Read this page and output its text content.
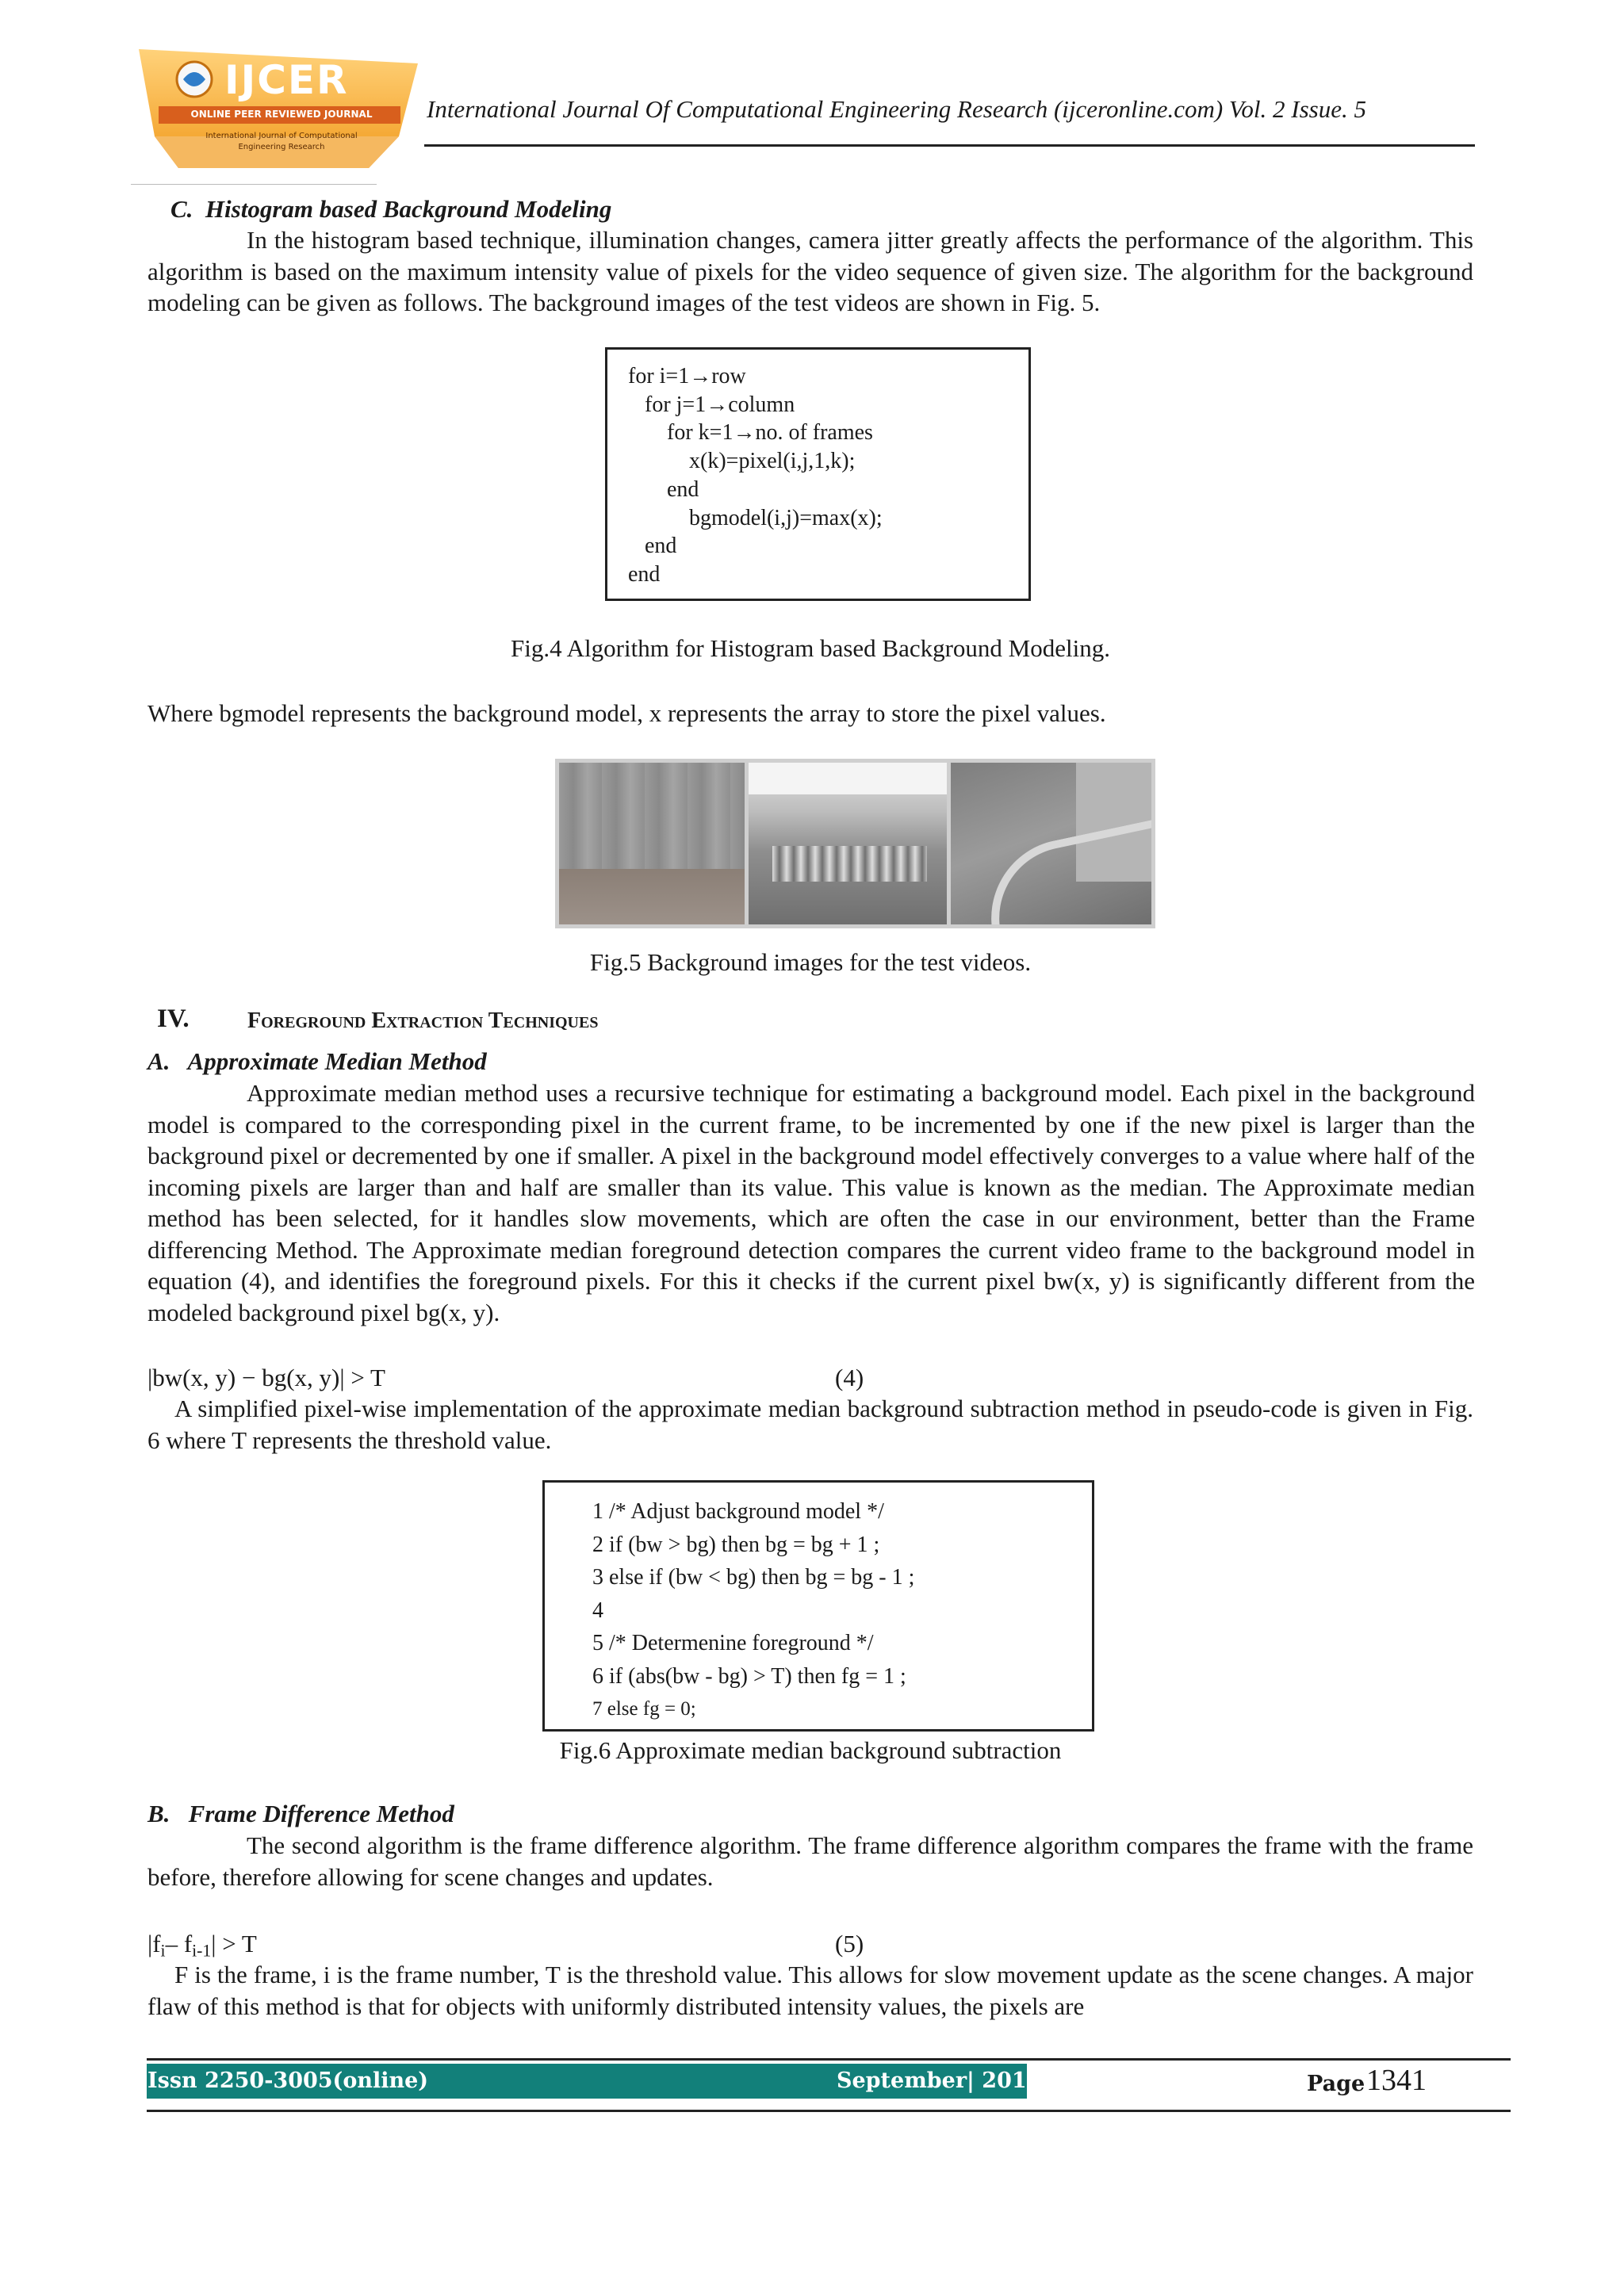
IJCER
ONLINE PEER REVIEWED JOURNAL
International Journal of Computational
Engineering Research
International Journal Of Computational Engineering Research (ijceronline.com) Vol. 2 Issue. 5
C.  Histogram based Background Modeling
In the histogram based technique, illumination changes, camera jitter greatly affects the performance of the algorithm. This algorithm is based on the maximum intensity value of pixels for the video sequence of given size. The algorithm for the background modeling can be given as follows. The background images of the test videos are shown in Fig. 5.
for i=1→row
for j=1→column
for k=1→no. of frames
x(k)=pixel(i,j,1,k);
end
bgmodel(i,j)=max(x);
end
end
Fig.4 Algorithm for Histogram based Background Modeling.
Where bgmodel represents the background model, x represents the array to store the pixel values.
Fig.5 Background images for the test videos.
IV.	Foreground Extraction Techniques
A.   Approximate Median Method
Approximate median method uses a recursive technique for estimating a background model. Each pixel in the background model is compared to the corresponding pixel in the current frame, to be incremented by one if the new pixel is larger than the background pixel or decremented by one if smaller. A pixel in the background model effectively converges to a value where half of the incoming pixels are larger than and half are smaller than its value. This value is known as the median. The Approximate median method has been selected, for it handles slow movements, which are often the case in our environment, better than the Frame differencing Method. The Approximate median foreground detection compares the current video frame to the background model in equation (4), and identifies the foreground pixels. For this it checks if the current pixel bw(x, y) is significantly different from the modeled background pixel bg(x, y).
|bw(x, y) − bg(x, y)| > T	(4)
A simplified pixel-wise implementation of the approximate median background subtraction method in pseudo-code is given in Fig. 6 where T represents the threshold value.
1 /* Adjust background model */
2 if (bw > bg) then bg = bg + 1 ;
3 else if (bw < bg) then bg = bg - 1 ;
4
5 /* Determenine foreground */
6 if (abs(bw - bg) > T) then fg = 1 ;
7 else fg = 0;
Fig.6 Approximate median background subtraction
B.   Frame Difference Method
The second algorithm is the frame difference algorithm. The frame difference algorithm compares the frame with the frame before, therefore allowing for scene changes and updates.
$|f_i-$ $f_{i-1}| > T$	(5)
F is the frame, i is the frame number, T is the threshold value. This allows for slow movement update as the scene changes. A major flaw of this method is that for objects with uniformly distributed intensity values, the pixels are
Issn 2250-3005(online)	September| 2012	Page 1341
